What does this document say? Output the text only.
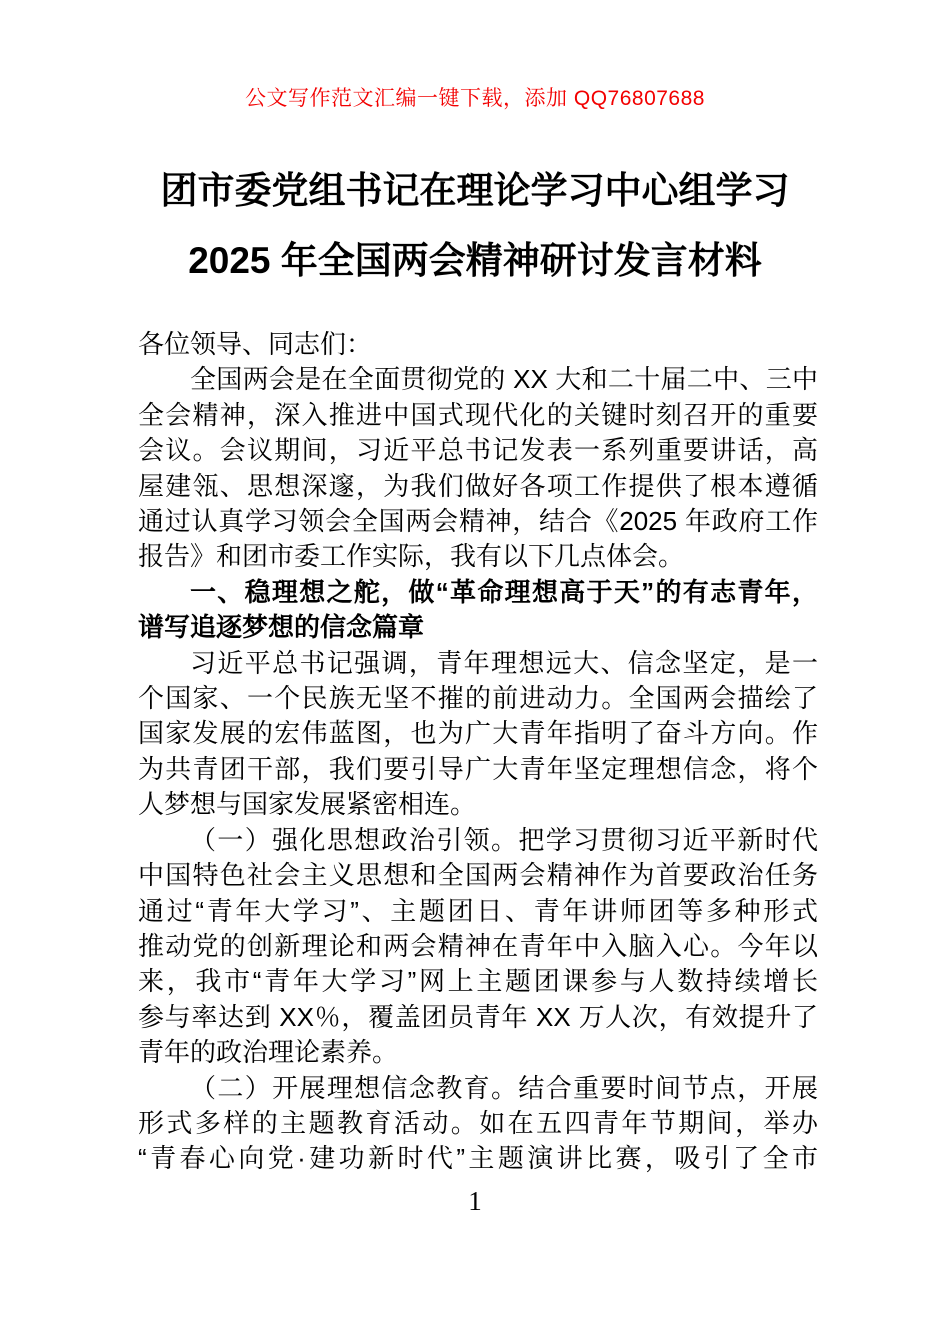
公文写作范文汇编一键下载，添加 QQ76807688
团市委党组书记在理论学习中心组学习
2025 年全国两会精神研讨发言材料
各位领导、同志们：
全国两会是在全面贯彻党的 XX 大和二十届二中、三中
全会精神，深入推进中国式现代化的关键时刻召开的重要
会议。会议期间，习近平总书记发表一系列重要讲话，高
屋建瓴、思想深邃，为我们做好各项工作提供了根本遵循
通过认真学习领会全国两会精神，结合《2025 年政府工作
报告》和团市委工作实际，我有以下几点体会。
一、稳理想之舵，做“革命理想高于天”的有志青年，
谱写追逐梦想的信念篇章
习近平总书记强调，青年理想远大、信念坚定，是一
个国家、一个民族无坚不摧的前进动力。全国两会描绘了
国家发展的宏伟蓝图，也为广大青年指明了奋斗方向。作
为共青团干部，我们要引导广大青年坚定理想信念，将个
人梦想与国家发展紧密相连。
（一）强化思想政治引领。把学习贯彻习近平新时代
中国特色社会主义思想和全国两会精神作为首要政治任务
通过“青年大学习”、主题团日、青年讲师团等多种形式
推动党的创新理论和两会精神在青年中入脑入心。今年以
来，我市“青年大学习”网上主题团课参与人数持续增长
参与率达到 XX％，覆盖团员青年 XX 万人次，有效提升了
青年的政治理论素养。
（二）开展理想信念教育。结合重要时间节点，开展
形式多样的主题教育活动。如在五四青年节期间，举办
“青春心向党·建功新时代”主题演讲比赛，吸引了全市
1
